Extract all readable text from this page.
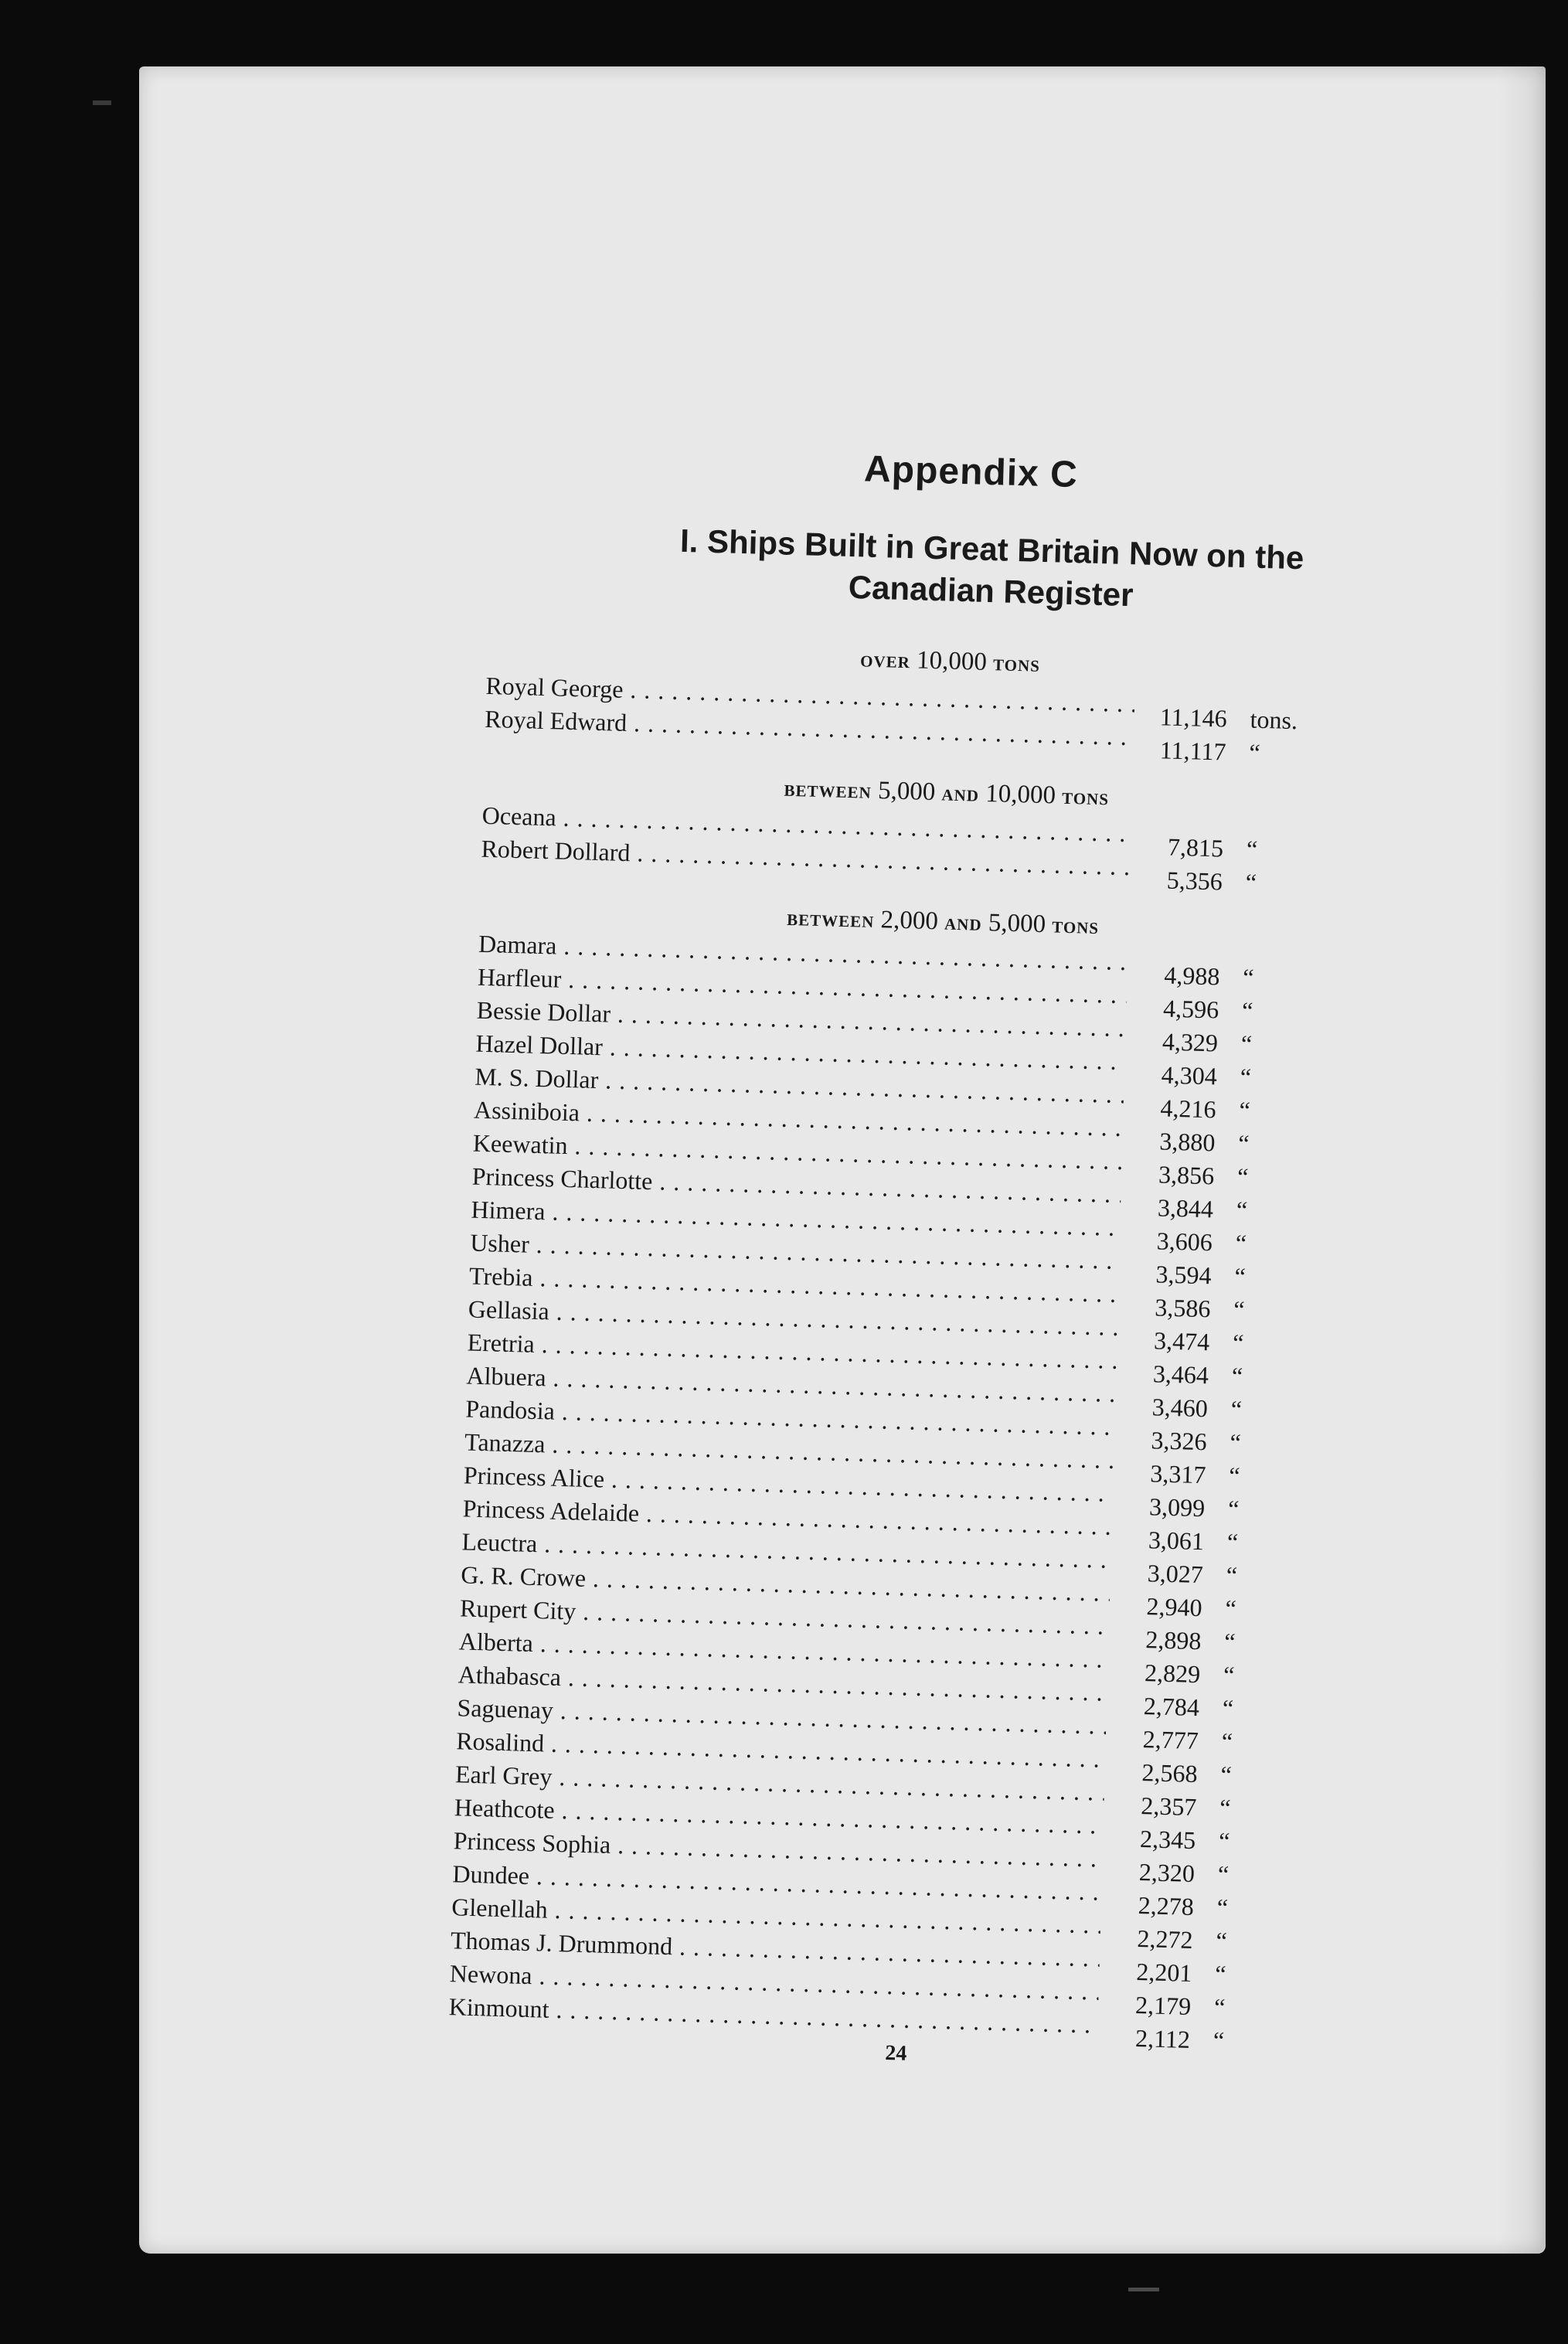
Appendix C
I. Ships Built in Great Britain Now on the
Canadian Register
over 10,000 tons
Royal George . . .
11,146 tons.
Royal Edward . . .
11,117 “
between 5,000 and 10,000 tons
Oceana . . .
7,815 “
Robert Dollard . . .
5,356 “
between 2,000 and 5,000 tons
Damara . . .
4,988 “
Harfleur . . .
4,596 “
Bessie Dollar . . .
4,329 “
Hazel Dollar . . .
4,304 “
M. S. Dollar . . .
4,216 “
Assiniboia . . .
3,880 “
Keewatin . . .
3,856 “
Princess Charlotte . . .
3,844 “
Himera . . .
3,606 “
Usher . . .
3,594 “
Trebia . . .
3,586 “
Gellasia . . .
3,474 “
Eretria . . .
3,464 “
Albuera . . .
3,460 “
Pandosia . . .
3,326 “
Tanazza . . .
3,317 “
Princess Alice . . .
3,099 “
Princess Adelaide . . .
3,061 “
Leuctra . . .
3,027 “
G. R. Crowe . . .
2,940 “
Rupert City . . .
2,898 “
Alberta . . .
2,829 “
Athabasca . . .
2,784 “
Saguenay . . .
2,777 “
Rosalind . . .
2,568 “
Earl Grey . . .
2,357 “
Heathcote . . .
2,345 “
Princess Sophia . . .
2,320 “
Dundee . . .
2,278 “
Glenellah . . .
2,272 “
Thomas J. Drummond . . .
2,201 “
Newona . . .
2,179 “
Kinmount . . .
2,112 “
24
